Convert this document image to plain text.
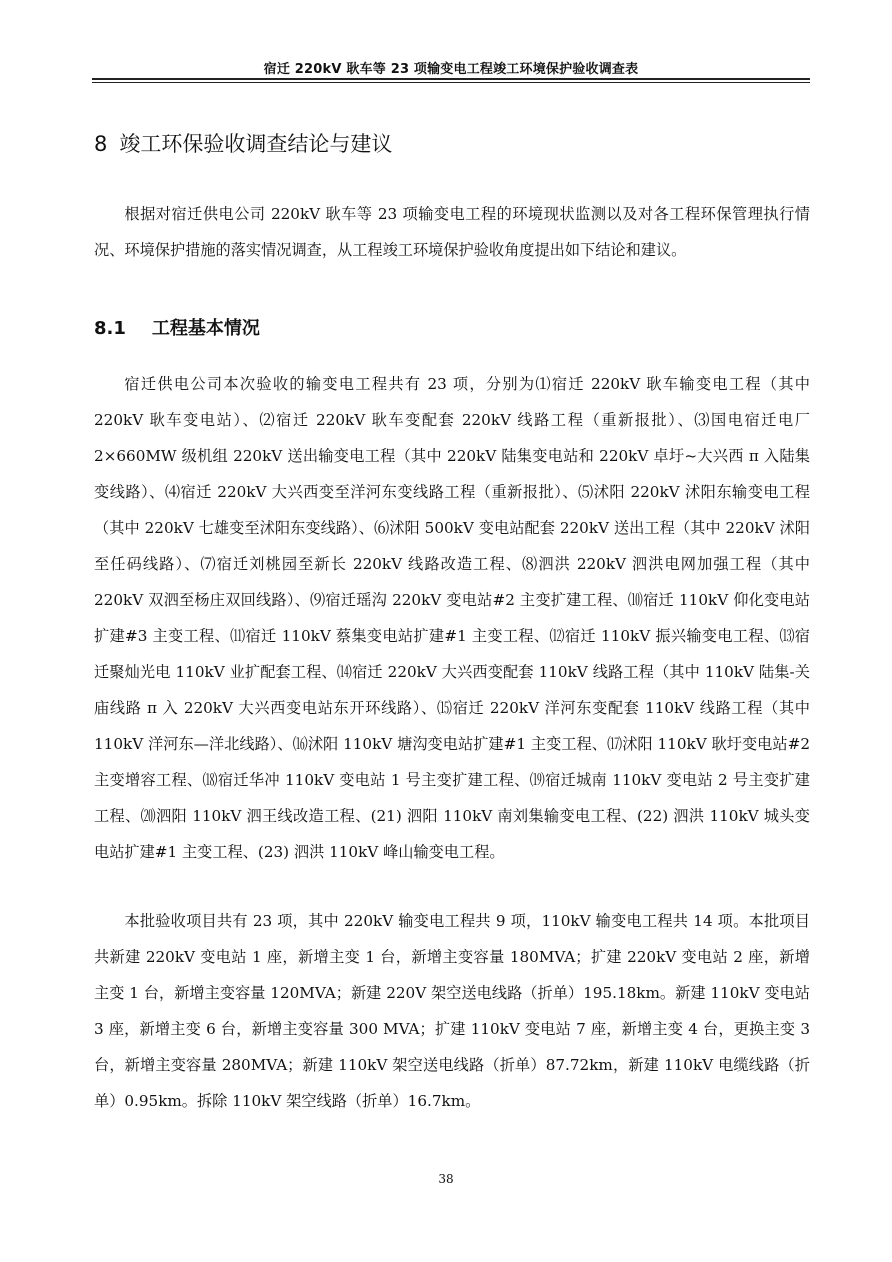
宿迁 220kV 耿车等 23 项输变电工程竣工环境保护验收调查表
8 竣工环保验收调查结论与建议

根据对宿迁供电公司 220kV 耿车等 23 项输变电工程的环境现状监测以及对各工程环保管理执行情况、环境保护措施的落实情况调查，从工程竣工环境保护验收角度提出如下结论和建议。

8.1 工程基本情况

宿迁供电公司本次验收的输变电工程共有 23 项，分别为⑴宿迁 220kV 耿车输变电工程（其中 220kV 耿车变电站）、⑵宿迁 220kV 耿车变配套 220kV 线路工程（重新报批）、⑶国电宿迁电厂 2×660MW 级机组 220kV 送出输变电工程（其中 220kV 陆集变电站和 220kV 卓圩~大兴西 π 入陆集变线路）、⑷宿迁 220kV 大兴西变至洋河东变线路工程（重新报批）、⑸沭阳 220kV 沭阳东输变电工程（其中 220kV 七雄变至沭阳东变线路）、⑹沭阳 500kV 变电站配套 220kV 送出工程（其中 220kV 沭阳至任码线路）、⑺宿迁刘桃园至新长 220kV 线路改造工程、⑻泗洪 220kV 泗洪电网加强工程（其中 220kV 双泗至杨庄双回线路）、⑼宿迁瑶沟 220kV 变电站#2 主变扩建工程、⑽宿迁 110kV 仰化变电站扩建#3 主变工程、⑾宿迁 110kV 蔡集变电站扩建#1 主变工程、⑿宿迁 110kV 振兴输变电工程、⒀宿迁聚灿光电 110kV 业扩配套工程、⒁宿迁 220kV 大兴西变配套 110kV 线路工程（其中 110kV 陆集-关庙线路 π 入 220kV 大兴西变电站东开环线路）、⒂宿迁 220kV 洋河东变配套 110kV 线路工程（其中 110kV 洋河东—洋北线路）、⒃沭阳 110kV 塘沟变电站扩建#1 主变工程、⒄沭阳 110kV 耿圩变电站#2 主变增容工程、⒅宿迁华冲 110kV 变电站 1 号主变扩建工程、⒆宿迁城南 110kV 变电站 2 号主变扩建工程、⒇泗阳 110kV 泗王线改造工程、(21) 泗阳 110kV 南刘集输变电工程、(22) 泗洪 110kV 城头变电站扩建#1 主变工程、(23) 泗洪 110kV 峰山输变电工程。

本批验收项目共有 23 项，其中 220kV 输变电工程共 9 项，110kV 输变电工程共 14 项。本批项目共新建 220kV 变电站 1 座，新增主变 1 台，新增主变容量 180MVA；扩建 220kV 变电站 2 座，新增主变 1 台，新增主变容量 120MVA；新建 220V 架空送电线路（折单）195.18km。新建 110kV 变电站 3 座，新增主变 6 台，新增主变容量 300 MVA；扩建 110kV 变电站 7 座，新增主变 4 台，更换主变 3 台，新增主变容量 280MVA；新建 110kV 架空送电线路（折单）87.72km，新建 110kV 电缆线路（折单）0.95km。拆除 110kV 架空线路（折单）16.7km。

38
